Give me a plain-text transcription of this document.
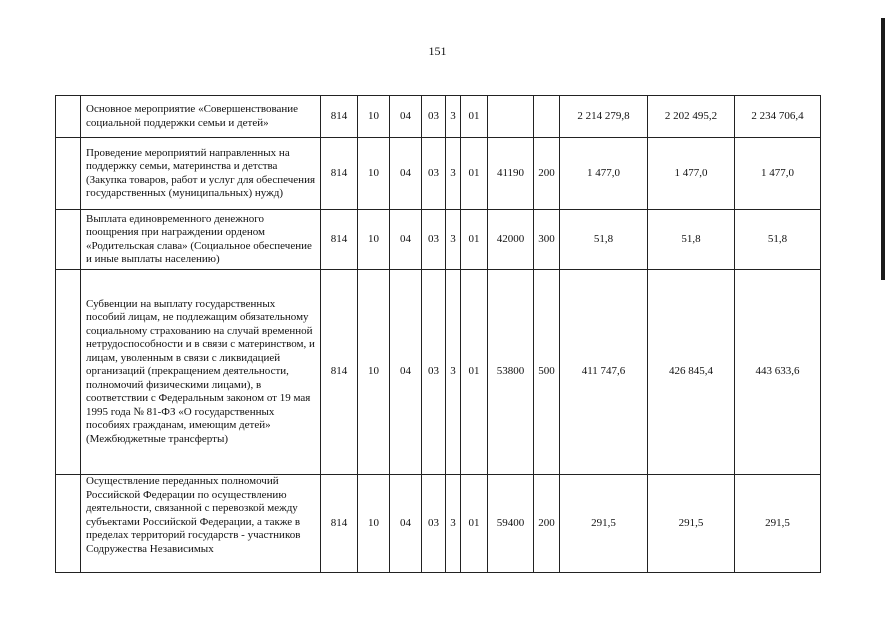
151
	Основное мероприятие «Совершенствование социальной поддержки семьи и детей»	814	10	04	03	3	01			2 214 279,8	2 202 495,2	2 234 706,4
	Проведение мероприятий направленных на поддержку семьи, материнства и детства (Закупка товаров, работ и услуг для обеспечения государственных (муниципальных) нужд)	814	10	04	03	3	01	41190	200	1 477,0	1 477,0	1 477,0
	Выплата единовременного денежного поощрения при награждении орденом «Родительская слава» (Социальное обеспечение и иные выплаты населению)	814	10	04	03	3	01	42000	300	51,8	51,8	51,8
	Субвенции на выплату государственных пособий лицам, не подлежащим обязательному социальному страхованию на случай временной нетрудоспособности и в связи с материнством, и лицам, уволенным в связи с ликвидацией организаций (прекращением деятельности, полномочий физическими лицами), в соответствии с Федеральным законом от 19 мая 1995 года № 81-ФЗ «О государственных пособиях гражданам, имеющим детей» (Межбюджетные трансферты)	814	10	04	03	3	01	53800	500	411 747,6	426 845,4	443 633,6
	Осуществление переданных полномочий Российской Федерации по осуществлению деятельности, связанной с перевозкой между субъектами Российской Федерации, а также в пределах территорий государств - участников Содружества Независимых	814	10	04	03	3	01	59400	200	291,5	291,5	291,5
